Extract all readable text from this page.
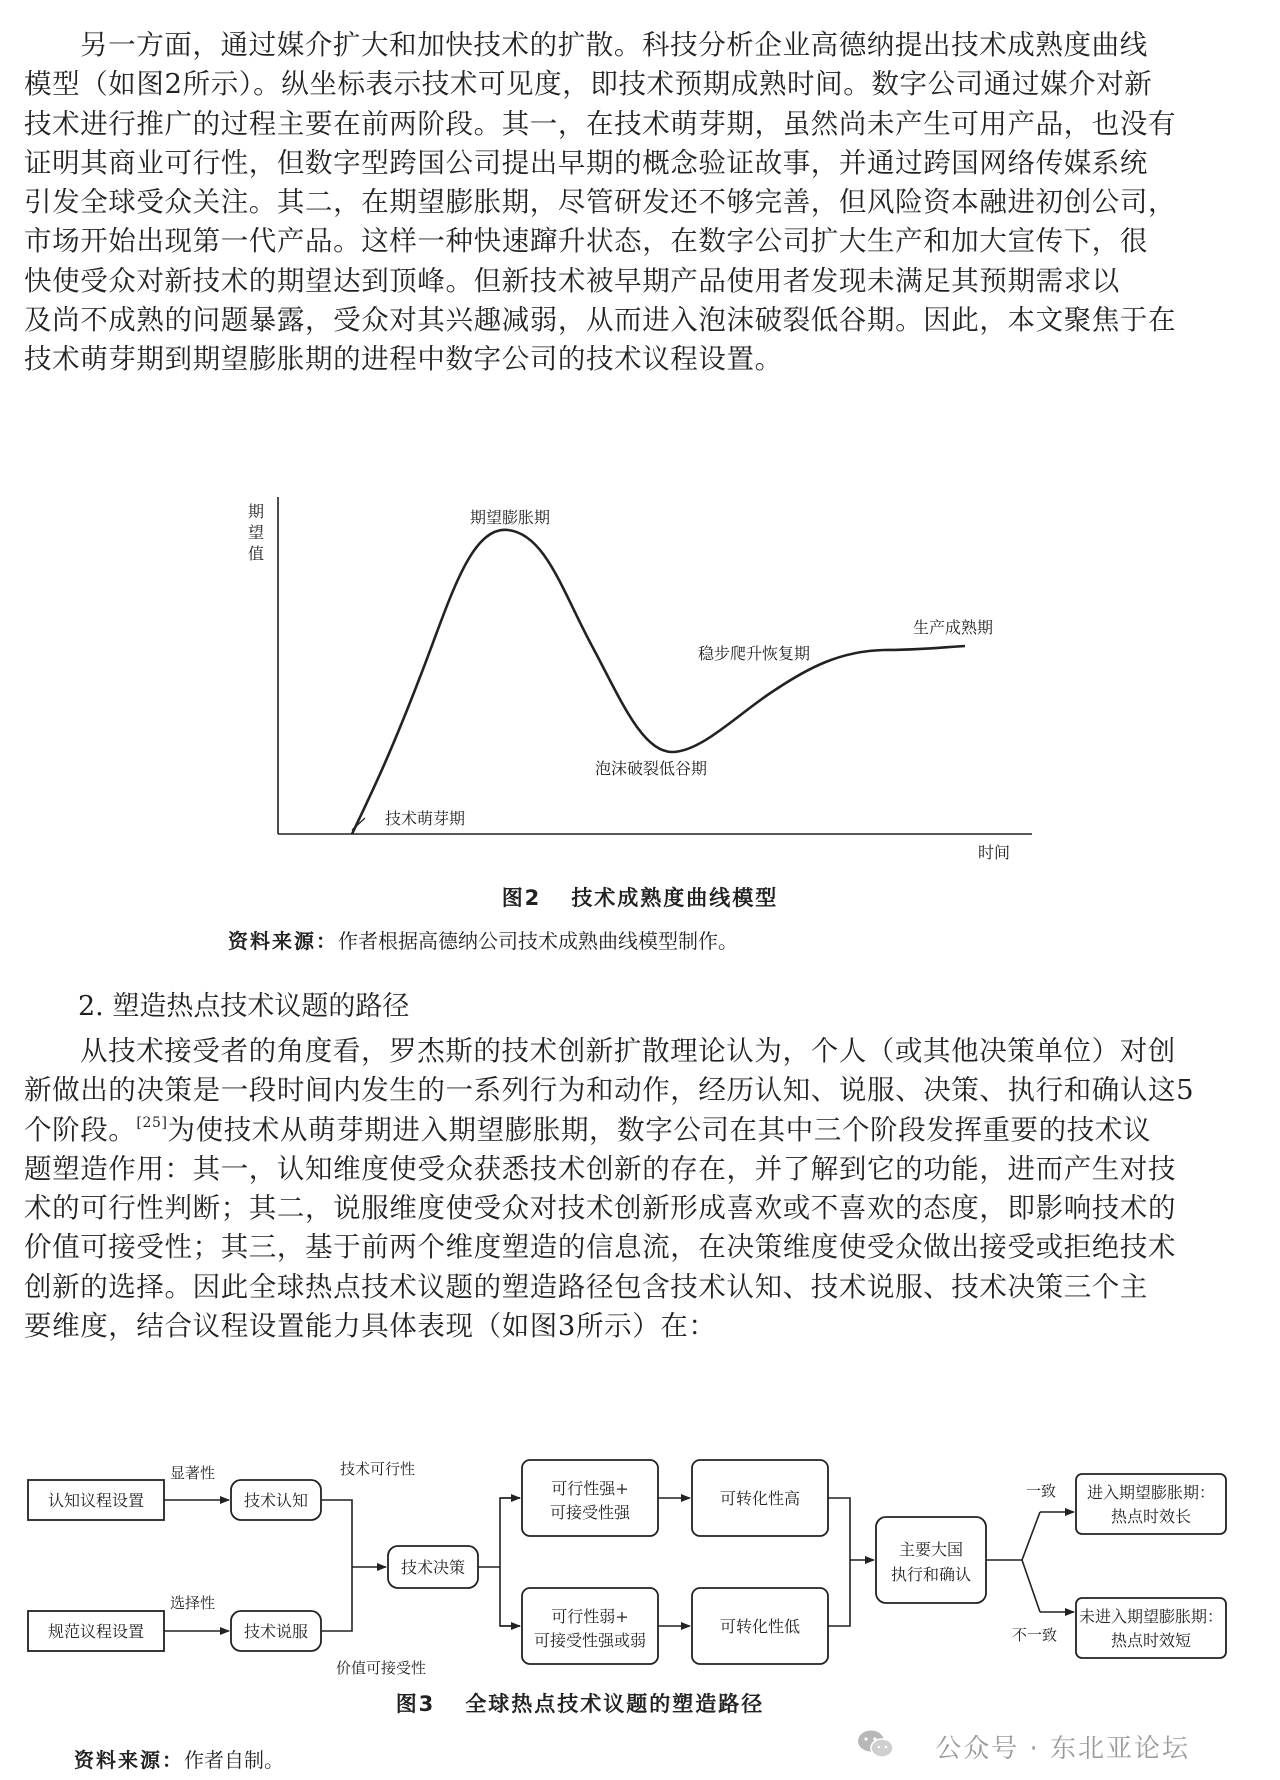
另一方面，通过媒介扩大和加快技术的扩散。科技分析企业高德纳提出技术成熟度曲线
模型（如图2所示）。纵坐标表示技术可见度，即技术预期成熟时间。数字公司通过媒介对新
技术进行推广的过程主要在前两阶段。其一，在技术萌芽期，虽然尚未产生可用产品，也没有
证明其商业可行性，但数字型跨国公司提出早期的概念验证故事，并通过跨国网络传媒系统
引发全球受众关注。其二，在期望膨胀期，尽管研发还不够完善，但风险资本融进初创公司，
市场开始出现第一代产品。这样一种快速蹿升状态，在数字公司扩大生产和加大宣传下，很
快使受众对新技术的期望达到顶峰。但新技术被早期产品使用者发现未满足其预期需求以
及尚不成熟的问题暴露，受众对其兴趣减弱，从而进入泡沫破裂低谷期。因此，本文聚焦于在
技术萌芽期到期望膨胀期的进程中数字公司的技术议程设置。
期
望
值
时间
期望膨胀期
泡沫破裂低谷期
稳步爬升恢复期
生产成熟期
技术萌芽期
图2 技术成熟度曲线模型
资料来源：作者根据高德纳公司技术成熟曲线模型制作。
2. 塑造热点技术议题的路径
从技术接受者的角度看，罗杰斯的技术创新扩散理论认为，个人（或其他决策单位）对创
新做出的决策是一段时间内发生的一系列行为和动作，经历认知、说服、决策、执行和确认这5
个阶段。[25]为使技术从萌芽期进入期望膨胀期，数字公司在其中三个阶段发挥重要的技术议
题塑造作用：其一，认知维度使受众获悉技术创新的存在，并了解到它的功能，进而产生对技
术的可行性判断；其二，说服维度使受众对技术创新形成喜欢或不喜欢的态度，即影响技术的
价值可接受性；其三，基于前两个维度塑造的信息流，在决策维度使受众做出接受或拒绝技术
创新的选择。因此全球热点技术议题的塑造路径包含技术认知、技术说服、技术决策三个主
要维度，结合议程设置能力具体表现（如图3所示）在：
认知议程设置
规范议程设置
技术认知
技术说服
技术决策
可行性强+
可接受性强
可行性弱+
可接受性强或弱
可转化性高
可转化性低
主要大国
执行和确认
进入期望膨胀期：
热点时效长
未进入期望膨胀期：
热点时效短
显著性
选择性
技术可行性
价值可接受性
一致
不一致
图3 全球热点技术议题的塑造路径
资料来源：作者自制。	公众号 · 东北亚论坛
